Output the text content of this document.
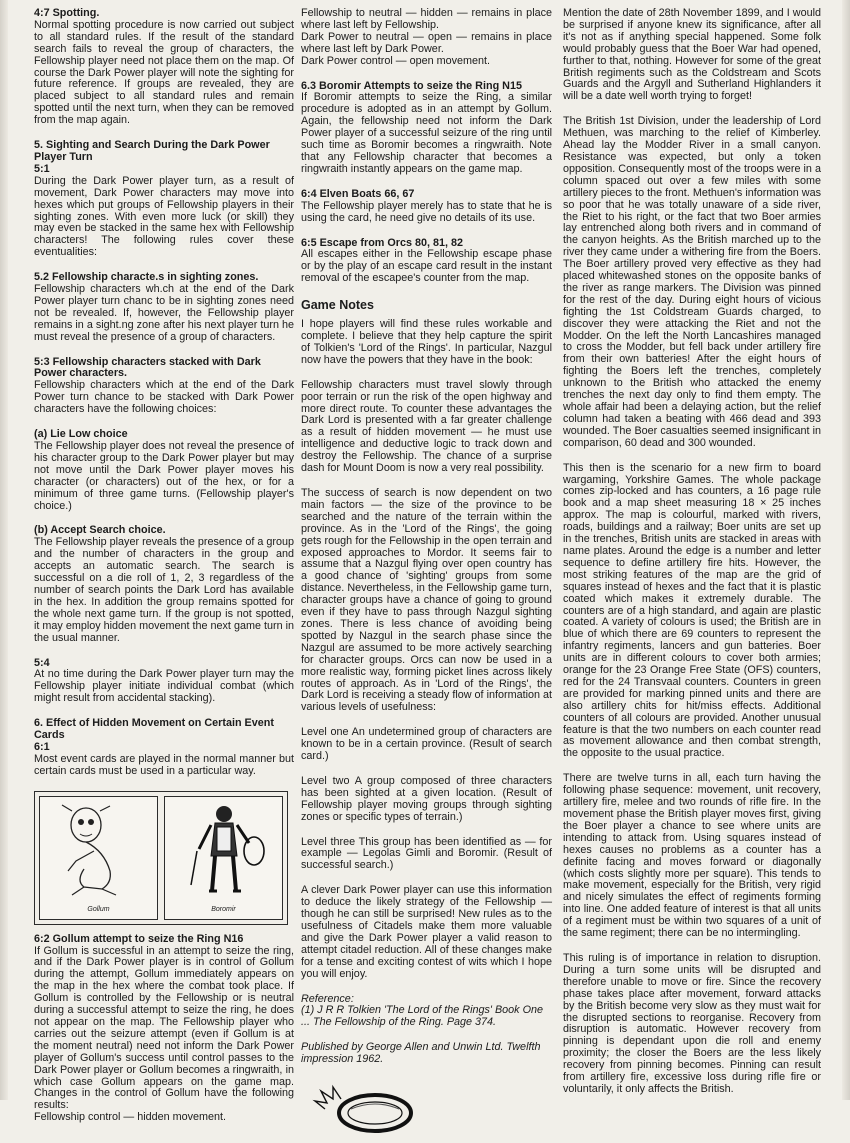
4:7 Spotting.
Normal spotting procedure is now carried out subject to all standard rules. If the result of the standard search fails to reveal the group of characters, the Fellowship player need not place them on the map. Of course the Dark Power player will note the sighting for future reference. If groups are revealed, they are placed subject to all standard rules and remain spotted until the next turn, when they can be removed from the map again.
5. Sighting and Search During the Dark Power Player Turn
5:1
During the Dark Power player turn, as a result of movement, Dark Power characters may move into hexes which put groups of Fellowship players in their sighting zones. With even more luck (or skill) they may even be stacked in the same hex with Fellowship characters! The following rules cover these eventualities:
5.2 Fellowship characte.s in sighting zones.
Fellowship characters wh.ch at the end of the Dark Power player turn chanc to be in sighting zones need not be revealed. If, however, the Fellowship player remains in a sight.ng zone after his next player turn he must reveal the presence of a group of characters.
5:3 Fellowship characters stacked with Dark Power characters.
Fellowship characters which at the end of the Dark Power turn chance to be stacked with Dark Power characters have the following choices:
(a) Lie Low choice
The Fellowship player does not reveal the presence of his character group to the Dark Power player but may not move until the Dark Power player moves his character (or characters) out of the hex, or for a minimum of three game turns. (Fellowship player's choice.)
(b) Accept Search choice.
The Fellowship player reveals the presence of a group and the number of characters in the group and accepts an automatic search. The search is successful on a die roll of 1, 2, 3 regardless of the number of search points the Dark Lord has available in the hex. In addition the group remains spotted for the whole next game turn. If the group is not spotted, it may employ hidden movement the next game turn in the usual manner.
5:4
At no time during the Dark Power player turn may the Fellowship player initiate individual combat (which might result from accidental stacking).
6. Effect of Hidden Movement on Certain Event Cards
6:1
Most event cards are played in the normal manner but certain cards must be used in a particular way.
Gollum	Boromir
6:2 Gollum attempt to seize the Ring N16
If Gollum is successful in an attempt to seize the ring, and if the Dark Power player is in control of Gollum during the attempt, Gollum immediately appears on the map in the hex where the combat took place. If Gollum is controlled by the Fellowship or is neutral during a successful attempt to seize the ring, he does not appear on the map. The Fellowship player who carries out the seizure attempt (even if Gollum is at the moment neutral) need not inform the Dark Power player of Gollum's success until control passes to the Dark Power player or Gollum becomes a ringwraith, in which case Gollum appears on the game map. Changes in the control of Gollum have the following results:
Fellowship control — hidden movement.
Fellowship to neutral — hidden — remains in place where last left by Fellowship.
Dark Power to neutral — open — remains in place where last left by Dark Power.
Dark Power control — open movement.
6.3 Boromir Attempts to seize the Ring N15
If Boromir attempts to seize the Ring, a similar procedure is adopted as in an attempt by Gollum. Again, the fellowship need not inform the Dark Power player of a successful seizure of the ring until such time as Boromir becomes a ringwraith. Note that any Fellowship character that becomes a ringwraith instantly appears on the game map.
6:4 Elven Boats 66, 67
The Fellowship player merely has to state that he is using the card, he need give no details of its use.
6:5 Escape from Orcs 80, 81, 82
All escapes either in the Fellowship escape phase or by the play of an escape card result in the instant removal of the escapee's counter from the map.
Game Notes
I hope players will find these rules workable and complete. I believe that they help capture the spirit of Tolkien's 'Lord of the Rings'. In particular, Nazgul now have the powers that they have in the book:
Fellowship characters must travel slowly through poor terrain or run the risk of the open highway and more direct route. To counter these advantages the Dark Lord is presented with a far greater challenge as a result of hidden movement — he must use intelligence and deductive logic to track down and destroy the Fellowship. The chance of a surprise dash for Mount Doom is now a very real possibility.
The success of search is now dependent on two main factors — the size of the province to be searched and the nature of the terrain within the province. As in the 'Lord of the Rings', the going gets rough for the Fellowship in the open terrain and exposed approaches to Mordor. It seems fair to assume that a Nazgul flying over open country has a good chance of 'sighting' groups from some distance. Nevertheless, in the Fellowship game turn, character groups have a chance of going to ground even if they have to pass through Nazgul sighting zones. There is less chance of avoiding being spotted by Nazgul in the search phase since the Nazgul are assumed to be more actively searching for character groups. Orcs can now be used in a more realistic way, forming picket lines across likely routes of approach. As in 'Lord of the Rings', the Dark Lord is receiving a steady flow of information at various levels of usefulness:
Level one An undetermined group of characters are known to be in a certain province. (Result of search card.)
Level two A group composed of three characters has been sighted at a given location. (Result of Fellowship player moving groups through sighting zones or specific types of terrain.)
Level three This group has been identified as — for example — Legolas Gimli and Boromir. (Result of successful search.)
A clever Dark Power player can use this information to deduce the likely strategy of the Fellowship — though he can still be surprised! New rules as to the usefulness of Citadels make them more valuable and give the Dark Power player a valid reason to attempt citadel reduction. All of these changes make for a tense and exciting contest of wits which I hope you will enjoy.
Reference:
(1) J R R Tolkien 'The Lord of the Rings' Book One ... The Fellowship of the Ring. Page 374.
Published by George Allen and Unwin Ltd. Twelfth impression 1962.
Mention the date of 28th November 1899, and I would be surprised if anyone knew its significance, after all it's not as if anything special happened. Some folk would probably guess that the Boer War had opened, further to that, nothing. However for some of the great British regiments such as the Coldstream and Scots Guards and the Argyll and Sutherland Highlanders it will be a date well worth trying to forget!
The British 1st Division, under the leadership of Lord Methuen, was marching to the relief of Kimberley. Ahead lay the Modder River in a small canyon. Resistance was expected, but only a token opposition. Consequently most of the troops were in a column spaced out over a few miles with some artillery pieces to the front. Methuen's information was so poor that he was totally unaware of a side river, the Riet to his right, or the fact that two Boer armies lay entrenched along both rivers and in command of the canyon heights. As the British marched up to the river they came under a withering fire from the Boers. The Boer artillery proved very effective as they had placed whitewashed stones on the opposite banks of the river as range markers. The Division was pinned for the rest of the day. During eight hours of vicious fighting the 1st Coldstream Guards charged, to discover they were attacking the Riet and not the Modder. On the left the North Lancashires managed to cross the Modder, but fell back under artillery fire from their own batteries! After the eight hours of fighting the Boers left the trenches, completely unknown to the British who attacked the enemy trenches the next day only to find them empty. The whole affair had been a delaying action, but the relief column had taken a beating with 466 dead and 393 wounded. The Boer casualties seemed insignificant in comparison, 60 dead and 300 wounded.
This then is the scenario for a new firm to board wargaming, Yorkshire Games. The whole package comes zip-locked and has counters, a 16 page rule book and a map sheet measuring 18 × 25 inches approx. The map is colourful, marked with rivers, roads, buildings and a railway; Boer units are set up in the trenches, British units are stacked in areas with name plates. Around the edge is a number and letter sequence to define artillery fire hits. However, the most striking features of the map are the grid of squares instead of hexes and the fact that it is plastic coated which makes it extremely durable. The counters are of a high standard, and again are plastic coated. A variety of colours is used; the British are in blue of which there are 69 counters to represent the infantry regiments, lancers and gun batteries. Boer units are in different colours to cover both armies; orange for the 23 Orange Free State (OFS) counters, red for the 24 Transvaal counters. Counters in green are provided for marking pinned units and there are also artillery chits for hit/miss effects. Additional counters of all colours are provided. Another unusual feature is that the two numbers on each counter read as movement allowance and then combat strength, the opposite to the usual practice.
There are twelve turns in all, each turn having the following phase sequence: movement, unit recovery, artillery fire, melee and two rounds of rifle fire. In the movement phase the British player moves first, giving the Boer player a chance to see where units are intending to attack from. Using squares instead of hexes causes no problems as a counter has a definite facing and moves forward or diagonally (which costs slightly more per square). This tends to make movement, especially for the British, very rigid and nicely simulates the effect of regiments forming into line. One added feature of interest is that all units of a regiment must be within two squares of a unit of the same regiment; there can be no intermingling.
This ruling is of importance in relation to disruption. During a turn some units will be disrupted and therefore unable to move or fire. Since the recovery phase takes place after movement, forward attacks by the British become very slow as they must wait for the disrupted sections to reorganise. Recovery from disruption is automatic. However recovery from pinning is dependant upon die roll and enemy proximity; the closer the Boers are the less likely recovery from pinning becomes. Pinning can result from artillery fire, excessive loss during rifle fire or voluntarily, it only affects the British.
